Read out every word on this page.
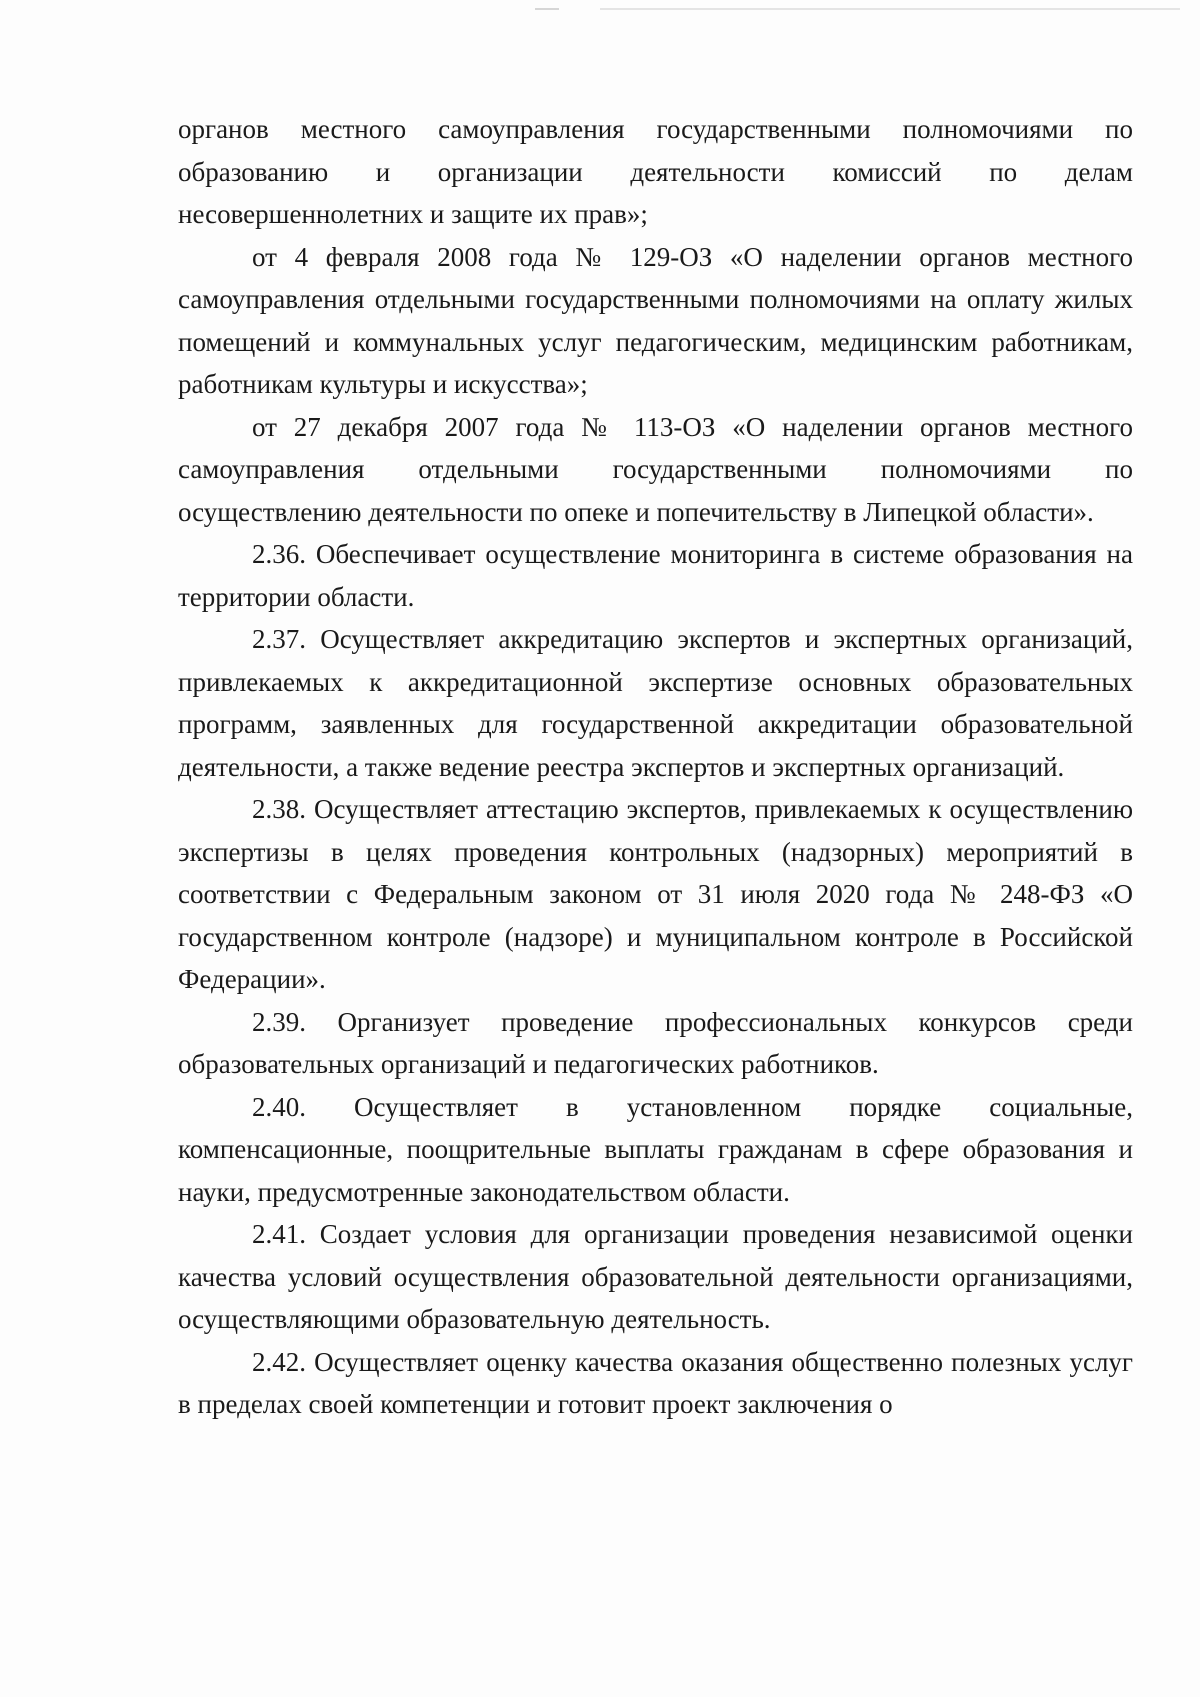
органов местного самоуправления государственными полномочиями по образованию и организации деятельности комиссий по делам несовершеннолетних и защите их прав»;

от 4 февраля 2008 года № 129-ОЗ «О наделении органов местного самоуправления отдельными государственными полномочиями на оплату жилых помещений и коммунальных услуг педагогическим, медицинским работникам, работникам культуры и искусства»;

от 27 декабря 2007 года № 113-ОЗ «О наделении органов местного самоуправления отдельными государственными полномочиями по осуществлению деятельности по опеке и попечительству в Липецкой области».

2.36. Обеспечивает осуществление мониторинга в системе образования на территории области.

2.37. Осуществляет аккредитацию экспертов и экспертных организаций, привлекаемых к аккредитационной экспертизе основных образовательных программ, заявленных для государственной аккредитации образовательной деятельности, а также ведение реестра экспертов и экспертных организаций.

2.38. Осуществляет аттестацию экспертов, привлекаемых к осуществлению экспертизы в целях проведения контрольных (надзорных) мероприятий в соответствии с Федеральным законом от 31 июля 2020 года № 248-ФЗ «О государственном контроле (надзоре) и муниципальном контроле в Российской Федерации».

2.39. Организует проведение профессиональных конкурсов среди образовательных организаций и педагогических работников.

2.40. Осуществляет в установленном порядке социальные, компенсационные, поощрительные выплаты гражданам в сфере образования и науки, предусмотренные законодательством области.

2.41. Создает условия для организации проведения независимой оценки качества условий осуществления образовательной деятельности организациями, осуществляющими образовательную деятельность.

2.42. Осуществляет оценку качества оказания общественно полезных услуг в пределах своей компетенции и готовит проект заключения о
